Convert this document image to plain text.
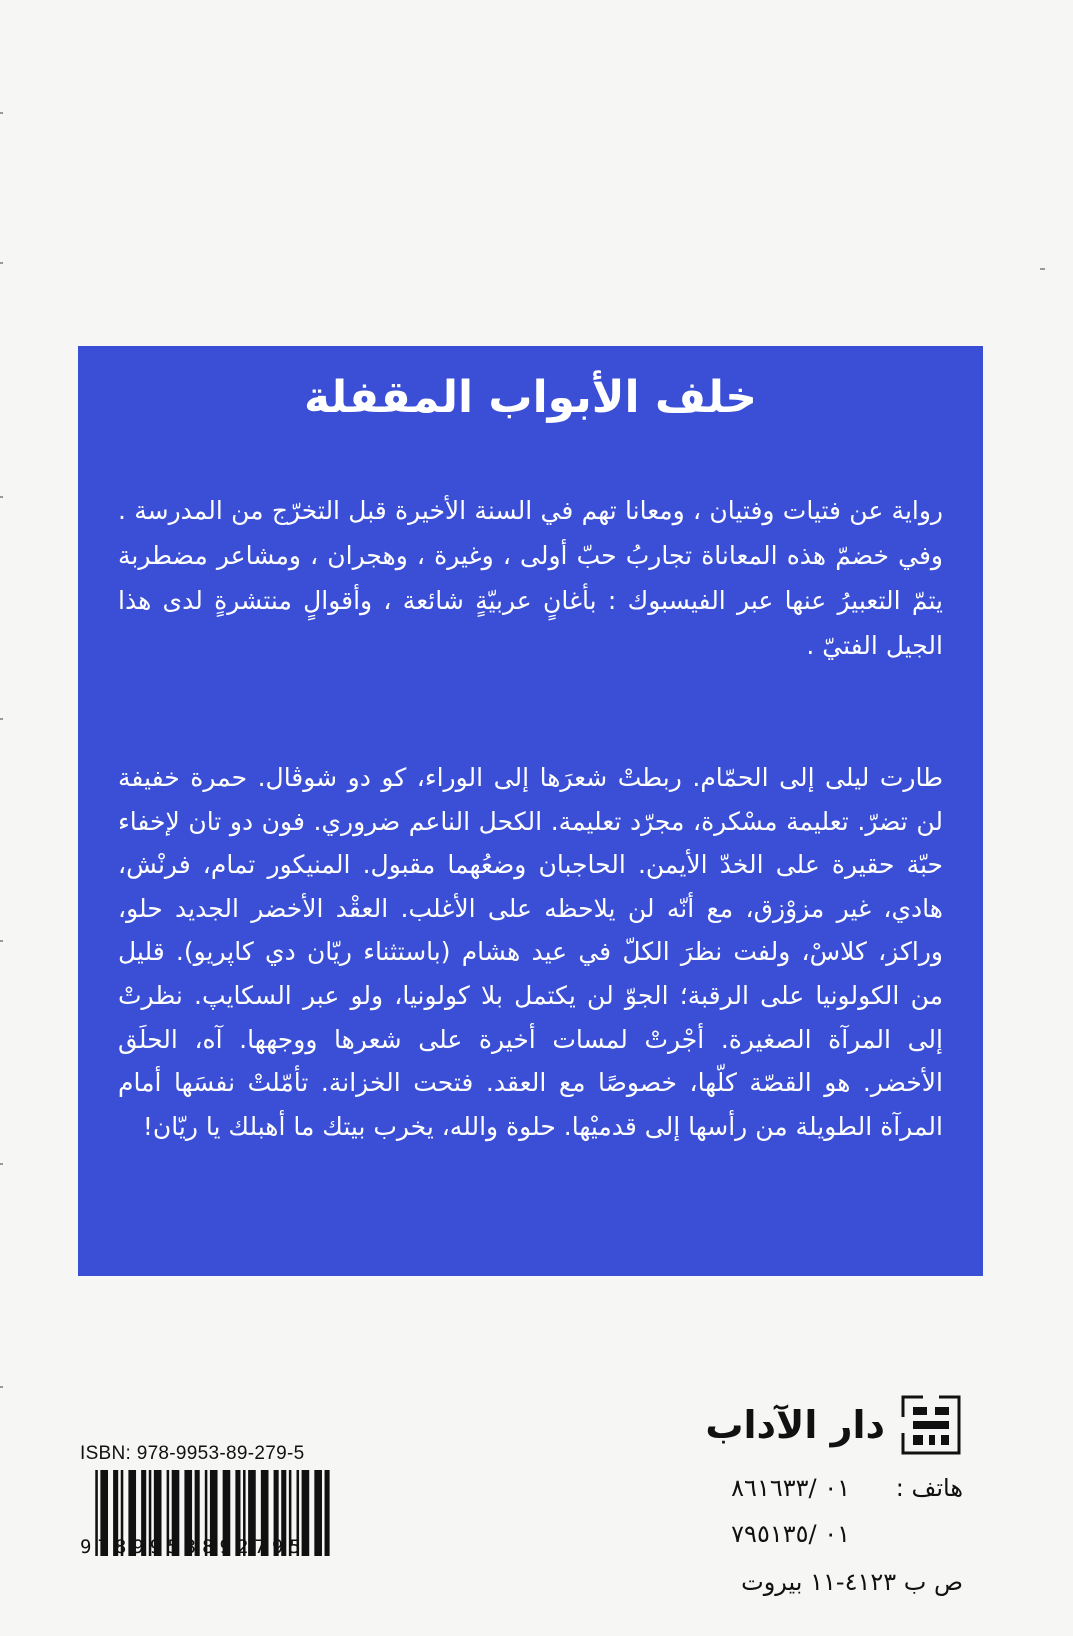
خلف الأبواب المقفلة

رواية عن فتيات وفتيان ، ومعانا تهم في السنة الأخيرة قبل التخرّج من المدرسة . وفي خضمّ هذه المعاناة تجاربُ حبّ أولى ، وغيرة ، وهجران ، ومشاعر مضطربة يتمّ التعبيرُ عنها عبر الفيسبوك : بأغانٍ عربيّةٍ شائعة ، وأقوالٍ منتشرةٍ لدى هذا الجيل الفتيّ .

طارت ليلى إلى الحمّام. ربطتْ شعرَها إلى الوراء، كو دو شوڤال. حمرة خفيفة لن تضرّ. تعليمة مسْكرة، مجرّد تعليمة. الكحل الناعم ضروري. فون دو تان لإخفاء حبّة حقيرة على الخدّ الأيمن. الحاجبان وضعُهما مقبول. المنيكور تمام، فرنْش، هادي، غير مزوْزق، مع أنّه لن يلاحظه على الأغلب. العقْد الأخضر الجديد حلو، وراكز، كلاسْ، ولفت نظرَ الكلّ في عيد هشام (باستثناء ريّان دي كاپريو). قليل من الكولونيا على الرقبة؛ الجوّ لن يكتمل بلا كولونيا، ولو عبر السكايپ. نظرتْ إلى المرآة الصغيرة. أجْرتْ لمسات أخيرة على شعرها ووجهها. آه، الحلَق الأخضر. هو القصّة كلّها، خصوصًا مع العقد. فتحت الخزانة. تأمّلتْ نفسَها أمام المرآة الطويلة من رأسها إلى قدميْها. حلوة والله، يخرب بيتك ما أهبلك يا ريّان!

دار الآداب
هاتف :
٠١ /٨٦١٦٣٣
٠١ /٧٩٥١٣٥
ص ب ٤١٢٣-١١ بيروت
ISBN: 978-9953-89-279-5
9789953892795
